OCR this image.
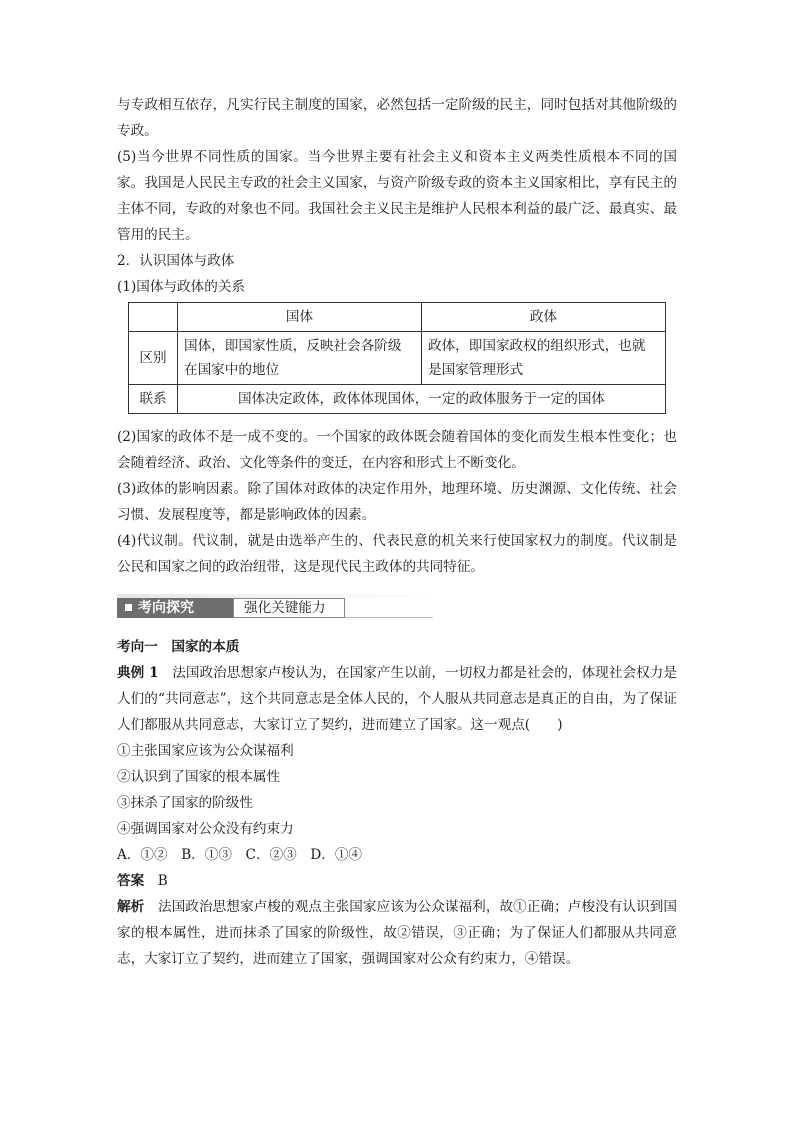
与专政相互依存，凡实行民主制度的国家，必然包括一定阶级的民主，同时包括对其他阶级的专政。

(5)当今世界不同性质的国家。当今世界主要有社会主义和资本主义两类性质根本不同的国家。我国是人民民主专政的社会主义国家，与资产阶级专政的资本主义国家相比，享有民主的主体不同，专政的对象也不同。我国社会主义民主是维护人民根本利益的最广泛、最真实、最管用的民主。

2．认识国体与政体

(1)国体与政体的关系

	国体	政体
区别	国体，即国家性质，反映社会各阶级在国家中的地位	政体，即国家政权的组织形式，也就是国家管理形式
联系	国体决定政体，政体体现国体，一定的政体服务于一定的国体	

(2)国家的政体不是一成不变的。一个国家的政体既会随着国体的变化而发生根本性变化；也会随着经济、政治、文化等条件的变迁，在内容和形式上不断变化。

(3)政体的影响因素。除了国体对政体的决定作用外，地理环境、历史渊源、文化传统、社会习惯、发展程度等，都是影响政体的因素。

(4)代议制。代议制，就是由选举产生的、代表民意的机关来行使国家权力的制度。代议制是公民和国家之间的政治纽带，这是现代民主政体的共同特征。

考向探究	强化关键能力

考向一　国家的本质

典例 1　法国政治思想家卢梭认为，在国家产生以前，一切权力都是社会的，体现社会权力是人们的“共同意志”，这个共同意志是全体人民的，个人服从共同意志是真正的自由，为了保证人们都服从共同意志，大家订立了契约，进而建立了国家。这一观点(　　)

①主张国家应该为公众谋福利

②认识到了国家的根本属性

③抹杀了国家的阶级性

④强调国家对公众没有约束力

A．①②　B．①③　C．②③　D．①④

答案　B

解析　法国政治思想家卢梭的观点主张国家应该为公众谋福利，故①正确；卢梭没有认识到国家的根本属性，进而抹杀了国家的阶级性，故②错误，③正确；为了保证人们都服从共同意志，大家订立了契约，进而建立了国家，强调国家对公众有约束力，④错误。
